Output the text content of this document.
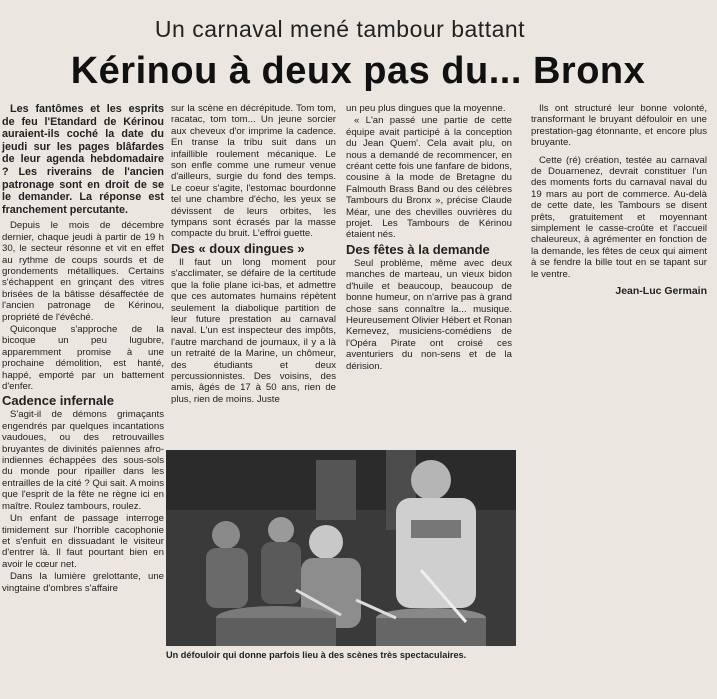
Un carnaval mené tambour battant
Kérinou à deux pas du... Bronx

Les fantômes et les esprits de feu l'Etandard de Kérinou auraient-ils coché la date du jeudi sur les pages blâfardes de leur agenda hebdomadaire ? Les riverains de l'ancien patronage sont en droit de se le demander. La réponse est franchement percutante.

Depuis le mois de décembre dernier, chaque jeudi à partir de 19 h 30, le secteur résonne et vit en effet au rythme de coups sourds et de grondements métalliques. Certains s'échappent en grinçant des vitres brisées de la bâtisse désaffectée de l'ancien patronage de Kérinou, propriété de l'évêché.

Quiconque s'approche de la bicoque un peu lugubre, apparemment promise à une prochaine démolition, est hanté, happé, emporté par un battement d'enfer.

Cadence infernale

S'agit-il de démons grimaçants engendrés par quelques incantations vaudoues, ou des retrouvailles bruyantes de divinités païennes afro-indiennes échappées des sous-sols du monde pour ripailler dans les entrailles de la cité ? Qui sait. A moins que l'esprit de la fête ne règne ici en maître. Roulez tambours, roulez.

Un enfant de passage interroge timidement sur l'horrible cacophonie et s'enfuit en dissuadant le visiteur d'entrer là. Il faut pourtant bien en avoir le cœur net.

Dans la lumière grelottante, une vingtaine d'ombres s'affaire

sur la scène en décrépitude. Tom tom, racatac, tom tom... Un jeune sorcier aux cheveux d'or imprime la cadence. En transe la tribu suit dans un infaillible roulement mécanique. Le son enfle comme une rumeur venue d'ailleurs, surgie du fond des temps. Le coeur s'agite, l'estomac bourdonne tel une chambre d'écho, les yeux se dévissent de leurs orbites, les tympans sont écrasés par la masse compacte du bruit. L'effroi guette.

Des « doux dingues »

Il faut un long moment pour s'acclimater, se défaire de la certitude que la folie plane ici-bas, et admettre que ces automates humains répètent seulement la diabolique partition de leur future prestation au carnaval naval. L'un est inspecteur des impôts, l'autre marchand de journaux, il y a là un retraité de la Marine, un chômeur, des étudiants et deux percussionnistes. Des voisins, des amis, âgés de 17 à 50 ans, rien de plus, rien de moins. Juste

un peu plus dingues que la moyenne.

« L'an passé une partie de cette équipe avait participé à la conception du Jean Quem'. Cela avait plu, on nous a demandé de recommencer, en créant cette fois une fanfare de bidons, cousine à la mode de Bretagne du Falmouth Brass Band ou des célèbres Tambours du Bronx », précise Claude Méar, une des chevilles ouvrières du projet. Les Tambours de Kérinou étaient nés.

Des fêtes à la demande

Seul problème, même avec deux manches de marteau, un vieux bidon d'huile et beaucoup, beaucoup de bonne humeur, on n'arrive pas à grand chose sans connaître la... musique. Heureusement Olivier Hébert et Ronan Kernevez, musiciens-comédiens de l'Opéra Pirate ont croisé ces aventuriers du non-sens et de la dérision.

Ils ont structuré leur bonne volonté, transformant le bruyant défouloir en une prestation-gag étonnante, et encore plus bruyante.

Cette (ré) création, testée au carnaval de Douarnenez, devrait constituer l'un des moments forts du carnaval naval du 19 mars au port de commerce. Au-delà de cette date, les Tambours se disent prêts, gratuitement et moyennant simplement le casse-croûte et l'accueil chaleureux, à agrémenter en fonction de la demande, les fêtes de ceux qui aiment à se fendre la bille tout en se tapant sur le ventre.

Jean-Luc Germain

Un défouloir qui donne parfois lieu à des scènes très spectaculaires.
